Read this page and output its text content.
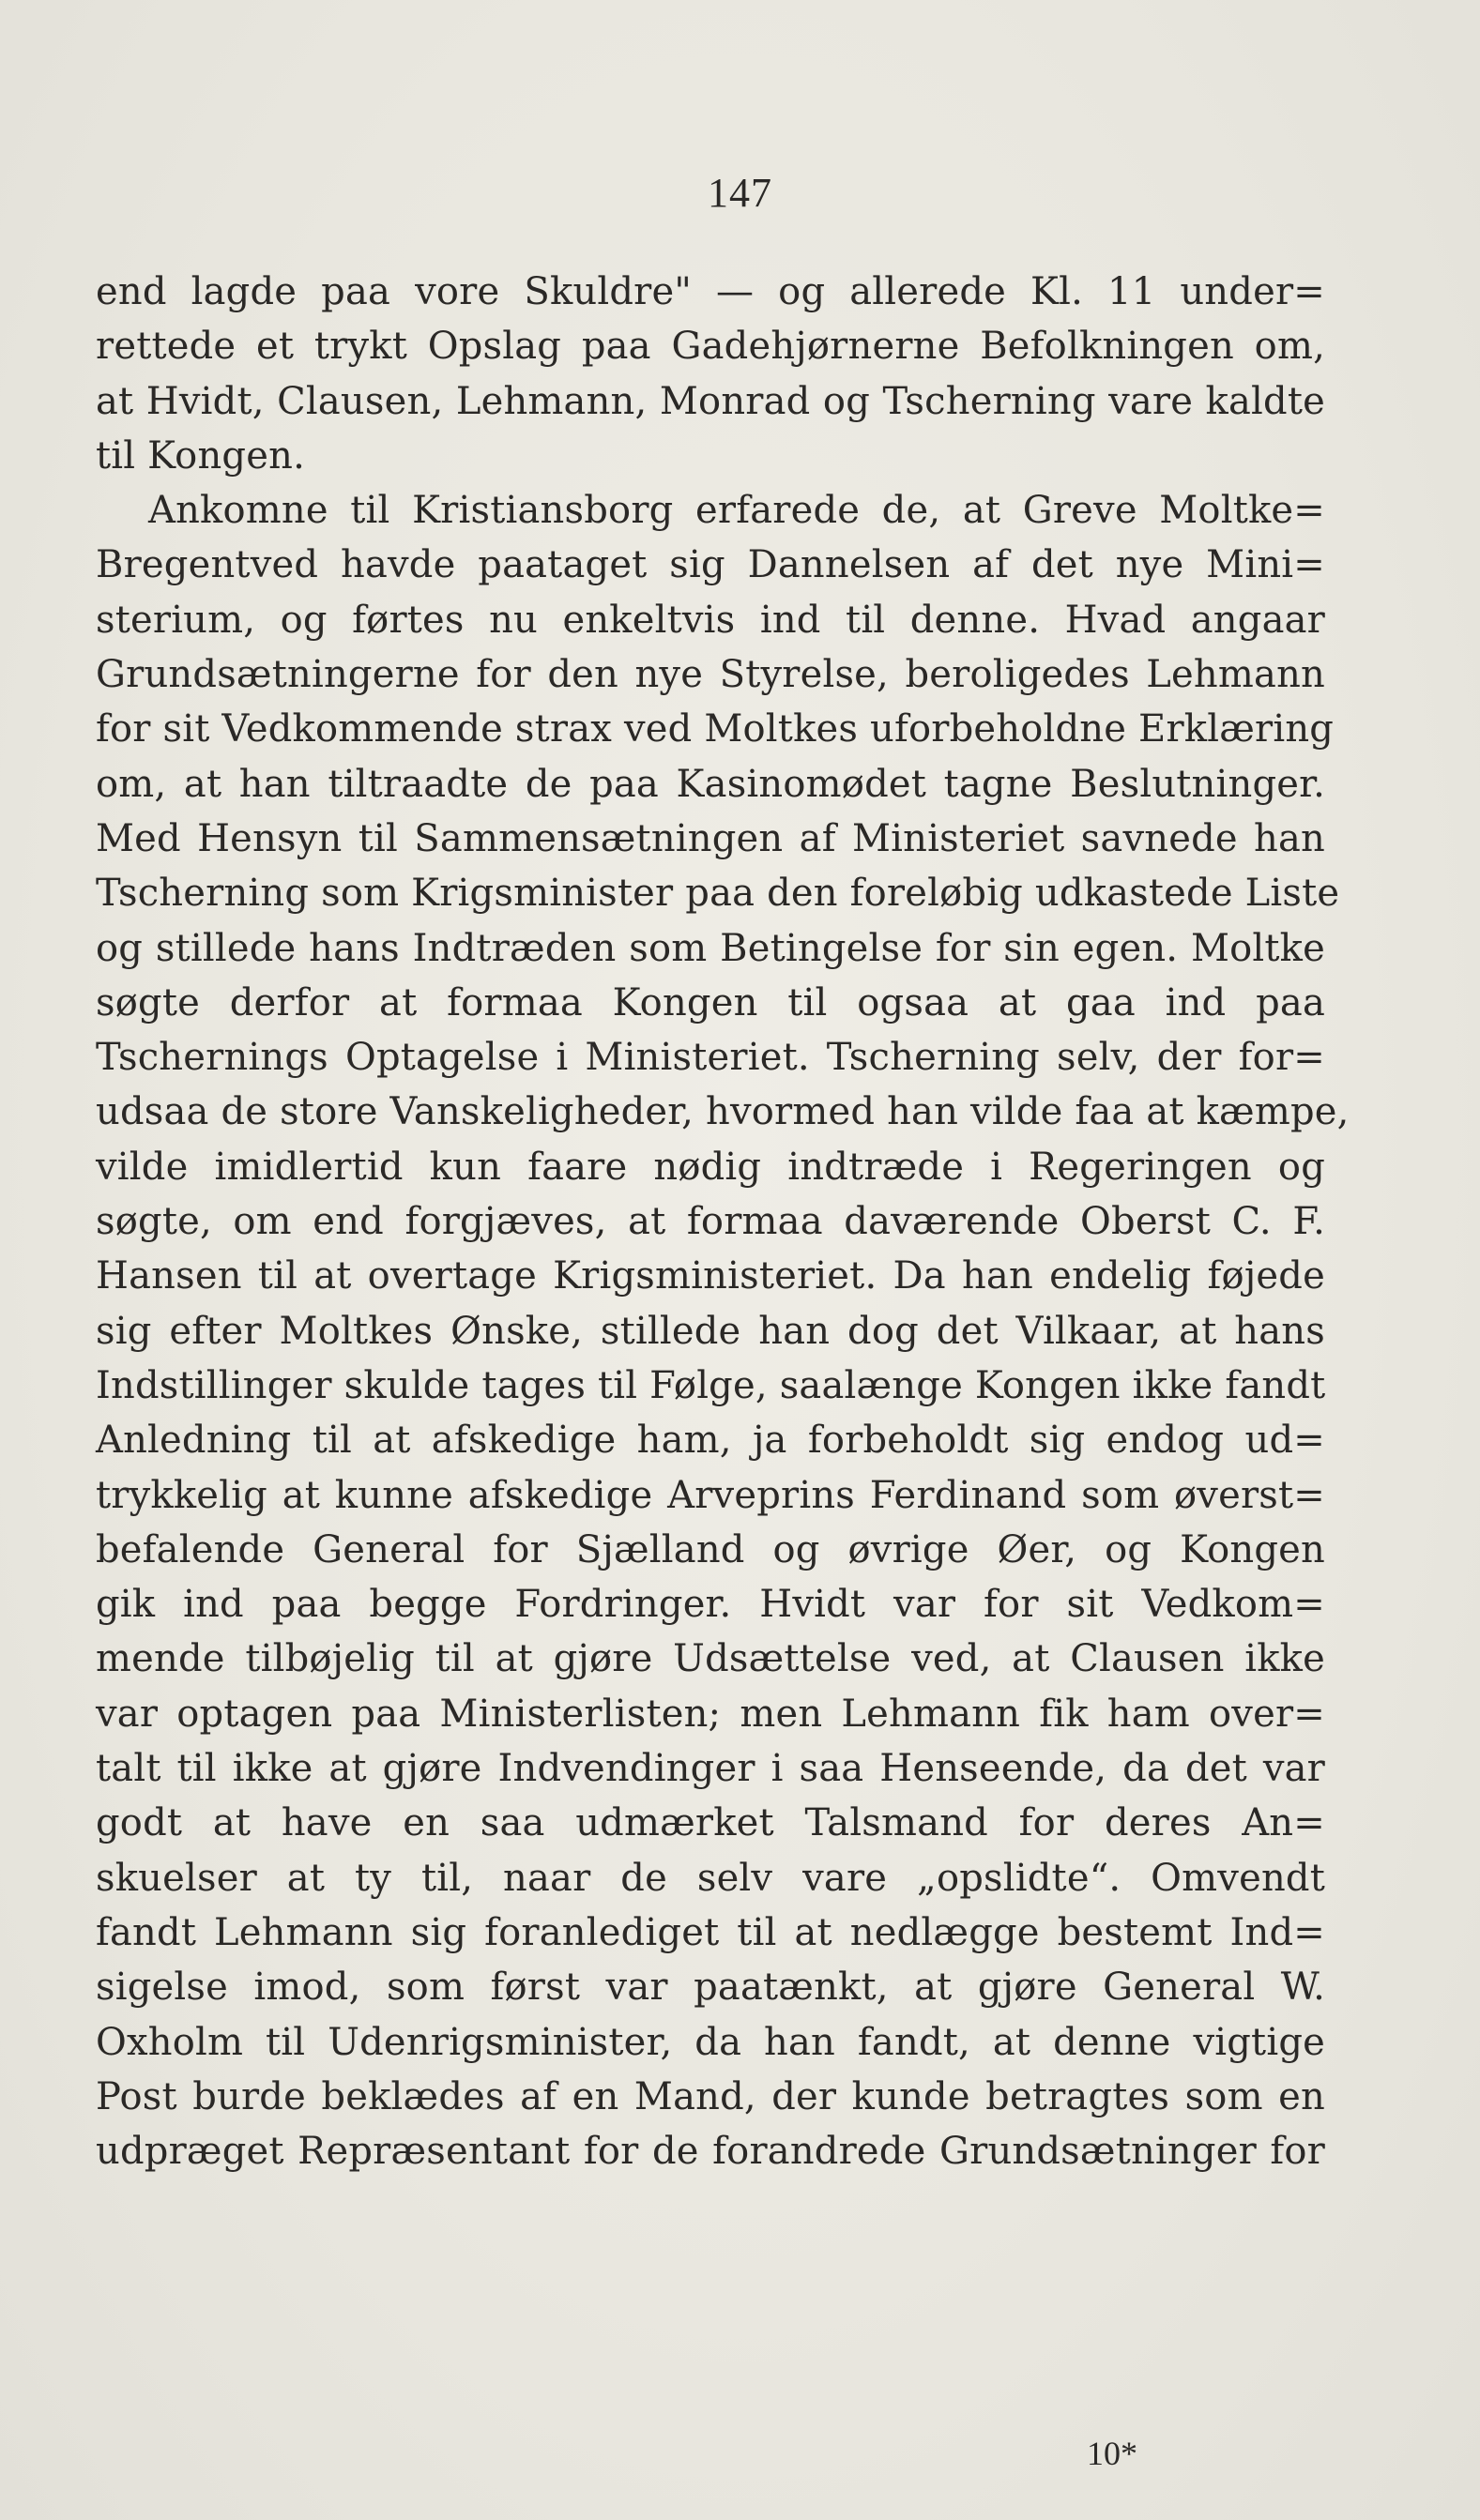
147
end lagde paa vore Skuldre" — og allerede Kl. 11 under=
rettede et trykt Opslag paa Gadehjørnerne Befolkningen om,
at Hvidt, Clausen, Lehmann, Monrad og Tscherning vare kaldte
til Kongen.
Ankomne til Kristiansborg erfarede de, at Greve Moltke=
Bregentved havde paataget sig Dannelsen af det nye Mini=
sterium, og førtes nu enkeltvis ind til denne. Hvad angaar
Grundsætningerne for den nye Styrelse, beroligedes Lehmann
for sit Vedkommende strax ved Moltkes uforbeholdne Erklæring
om, at han tiltraadte de paa Kasinomødet tagne Beslutninger.
Med Hensyn til Sammensætningen af Ministeriet savnede han
Tscherning som Krigsminister paa den foreløbig udkastede Liste
og stillede hans Indtræden som Betingelse for sin egen. Moltke
søgte derfor at formaa Kongen til ogsaa at gaa ind paa
Tschernings Optagelse i Ministeriet. Tscherning selv, der for=
udsaa de store Vanskeligheder, hvormed han vilde faa at kæmpe,
vilde imidlertid kun faare nødig indtræde i Regeringen og
søgte, om end forgjæves, at formaa daværende Oberst C. F.
Hansen til at overtage Krigsministeriet. Da han endelig føjede
sig efter Moltkes Ønske, stillede han dog det Vilkaar, at hans
Indstillinger skulde tages til Følge, saalænge Kongen ikke fandt
Anledning til at afskedige ham, ja forbeholdt sig endog ud=
trykkelig at kunne afskedige Arveprins Ferdinand som øverst=
befalende General for Sjælland og øvrige Øer, og Kongen
gik ind paa begge Fordringer. Hvidt var for sit Vedkom=
mende tilbøjelig til at gjøre Udsættelse ved, at Clausen ikke
var optagen paa Ministerlisten; men Lehmann fik ham over=
talt til ikke at gjøre Indvendinger i saa Henseende, da det var
godt at have en saa udmærket Talsmand for deres An=
skuelser at ty til, naar de selv vare „opslidte“. Omvendt
fandt Lehmann sig foranlediget til at nedlægge bestemt Ind=
sigelse imod, som først var paatænkt, at gjøre General W.
Oxholm til Udenrigsminister, da han fandt, at denne vigtige
Post burde beklædes af en Mand, der kunde betragtes som en
udpræget Repræsentant for de forandrede Grundsætninger for
10*
